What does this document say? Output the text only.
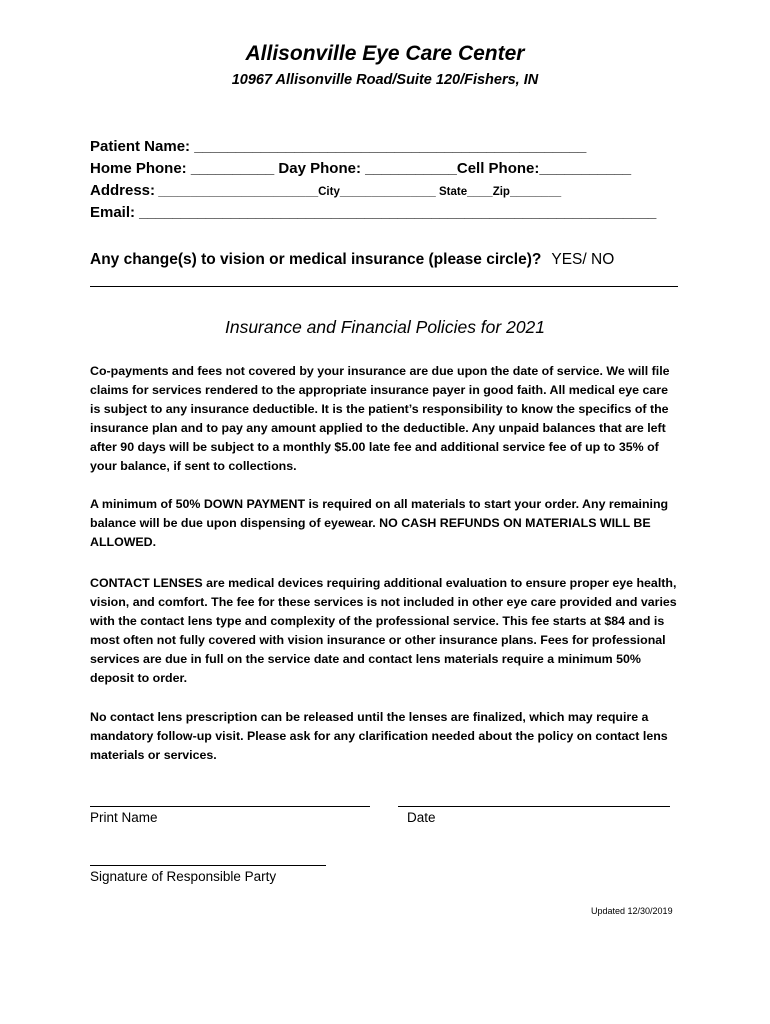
Allisonville Eye Care Center
10967 Allisonville Road/Suite 120/Fishers, IN
Patient Name: _______________________________________________
Home Phone: __________ Day Phone: ___________Cell Phone:___________
Address: _________________________City_______________ State____Zip________
Email: ______________________________________________________________
Any change(s) to vision or medical insurance (please circle)? YES/ NO
Insurance and Financial Policies for 2021
Co-payments and fees not covered by your insurance are due upon the date of service. We will file claims for services rendered to the appropriate insurance payer in good faith. All medical eye care is subject to any insurance deductible. It is the patient’s responsibility to know the specifics of the insurance plan and to pay any amount applied to the deductible. Any unpaid balances that are left after 90 days will be subject to a monthly $5.00 late fee and additional service fee of up to 35% of your balance, if sent to collections.
A minimum of 50% DOWN PAYMENT is required on all materials to start your order. Any remaining balance will be due upon dispensing of eyewear. NO CASH REFUNDS ON MATERIALS WILL BE ALLOWED.
CONTACT LENSES are medical devices requiring additional evaluation to ensure proper eye health, vision, and comfort. The fee for these services is not included in other eye care provided and varies with the contact lens type and complexity of the professional service. This fee starts at $84 and is most often not fully covered with vision insurance or other insurance plans. Fees for professional services are due in full on the service date and contact lens materials require a minimum 50% deposit to order.
No contact lens prescription can be released until the lenses are finalized, which may require a mandatory follow-up visit. Please ask for any clarification needed about the policy on contact lens materials or services.
Print Name	Date
Signature of Responsible Party
Updated 12/30/2019
